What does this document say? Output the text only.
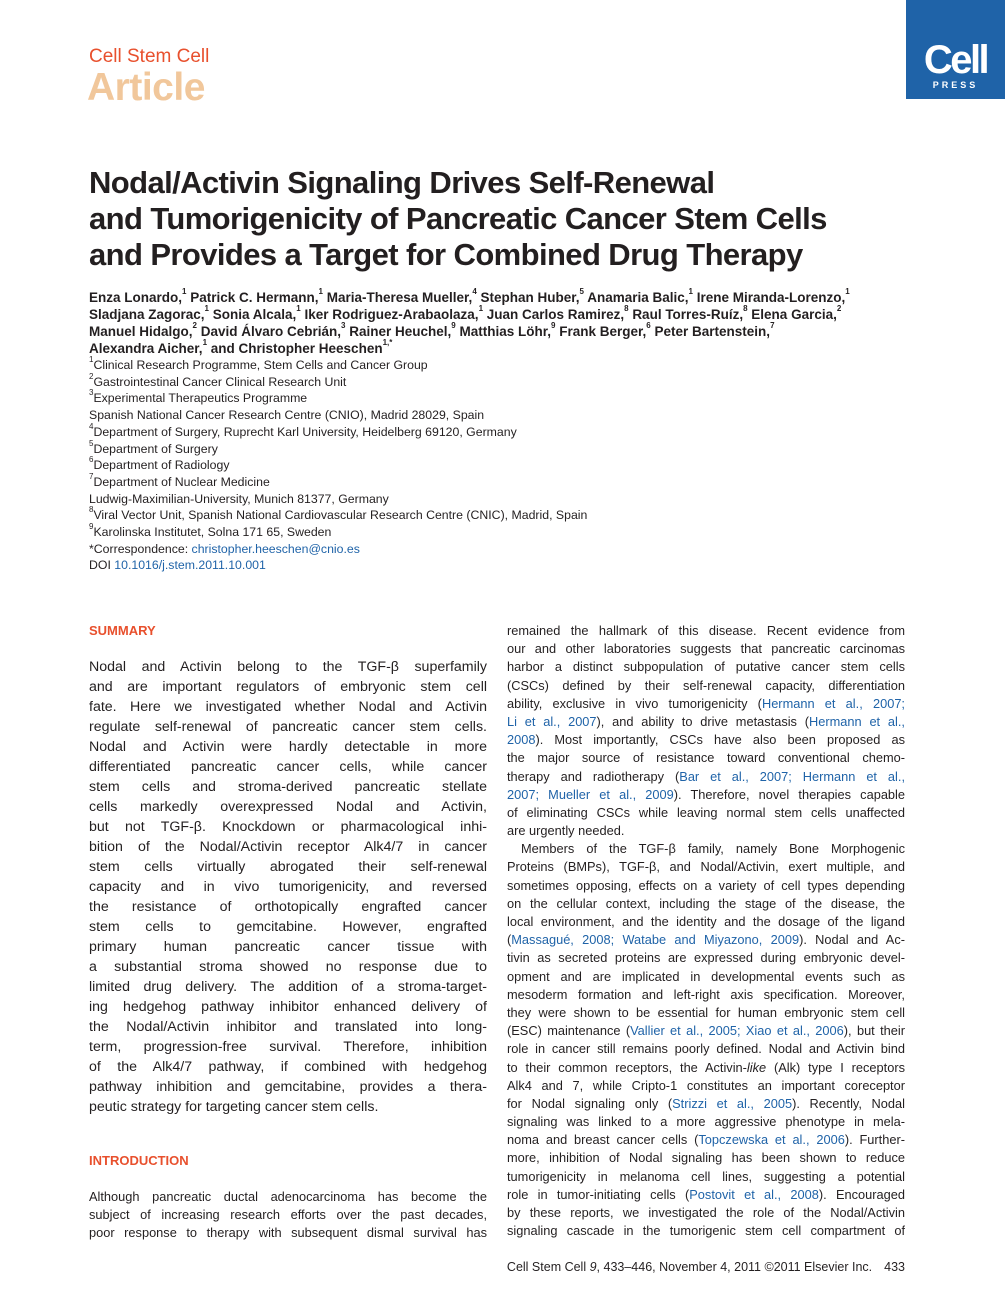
Cell Stem Cell
Article
Cell
PRESS
Nodal/Activin Signaling Drives Self-Renewal
and Tumorigenicity of Pancreatic Cancer Stem Cells
and Provides a Target for Combined Drug Therapy
Enza Lonardo,$^1$ Patrick C. Hermann,$^1$ Maria-Theresa Mueller,$^4$ Stephan Huber,$^5$ Anamaria Balic,$^1$ Irene Miranda-Lorenzo,$^1$
Sladjana Zagorac,$^1$ Sonia Alcala,$^1$ Iker Rodriguez-Arabaolaza,$^1$ Juan Carlos Ramirez,$^8$ Raul Torres-Ruíz,$^8$ Elena Garcia,$^2$
Manuel Hidalgo,$^2$ David Álvaro Cebrián,$^3$ Rainer Heuchel,$^9$ Matthias Löhr,$^9$ Frank Berger,$^6$ Peter Bartenstein,$^7$
Alexandra Aicher,$^1$ and Christopher Heeschen$^{1,*}$
$^1$Clinical Research Programme, Stem Cells and Cancer Group
$^2$Gastrointestinal Cancer Clinical Research Unit
$^3$Experimental Therapeutics Programme
Spanish National Cancer Research Centre (CNIO), Madrid 28029, Spain
$^4$Department of Surgery, Ruprecht Karl University, Heidelberg 69120, Germany
$^5$Department of Surgery
$^6$Department of Radiology
$^7$Department of Nuclear Medicine
Ludwig-Maximilian-University, Munich 81377, Germany
$^8$Viral Vector Unit, Spanish National Cardiovascular Research Centre (CNIC), Madrid, Spain
$^9$Karolinska Institutet, Solna 171 65, Sweden
*Correspondence: christopher.heeschen@cnio.es
DOI 10.1016/j.stem.2011.10.001
SUMMARY
Nodal and Activin belong to the TGF-β superfamily
and are important regulators of embryonic stem cell
fate. Here we investigated whether Nodal and Activin
regulate self-renewal of pancreatic cancer stem cells.
Nodal and Activin were hardly detectable in more
differentiated pancreatic cancer cells, while cancer
stem cells and stroma-derived pancreatic stellate
cells markedly overexpressed Nodal and Activin,
but not TGF-β. Knockdown or pharmacological inhi-
bition of the Nodal/Activin receptor Alk4/7 in cancer
stem cells virtually abrogated their self-renewal
capacity and in vivo tumorigenicity, and reversed
the resistance of orthotopically engrafted cancer
stem cells to gemcitabine. However, engrafted
primary human pancreatic cancer tissue with
a substantial stroma showed no response due to
limited drug delivery. The addition of a stroma-target-
ing hedgehog pathway inhibitor enhanced delivery of
the Nodal/Activin inhibitor and translated into long-
term, progression-free survival. Therefore, inhibition
of the Alk4/7 pathway, if combined with hedgehog
pathway inhibition and gemcitabine, provides a thera-
peutic strategy for targeting cancer stem cells.
INTRODUCTION
Although pancreatic ductal adenocarcinoma has become the
subject of increasing research efforts over the past decades,
poor response to therapy with subsequent dismal survival has
remained the hallmark of this disease. Recent evidence from
our and other laboratories suggests that pancreatic carcinomas
harbor a distinct subpopulation of putative cancer stem cells
(CSCs) defined by their self-renewal capacity, differentiation
ability, exclusive in vivo tumorigenicity (Hermann et al., 2007;
Li et al., 2007), and ability to drive metastasis (Hermann et al.,
2008). Most importantly, CSCs have also been proposed as
the major source of resistance toward conventional chemo-
therapy and radiotherapy (Bar et al., 2007; Hermann et al.,
2007; Mueller et al., 2009). Therefore, novel therapies capable
of eliminating CSCs while leaving normal stem cells unaffected
are urgently needed.
Members of the TGF-β family, namely Bone Morphogenic
Proteins (BMPs), TGF-β, and Nodal/Activin, exert multiple, and
sometimes opposing, effects on a variety of cell types depending
on the cellular context, including the stage of the disease, the
local environment, and the identity and the dosage of the ligand
(Massagué, 2008; Watabe and Miyazono, 2009). Nodal and Ac-
tivin as secreted proteins are expressed during embryonic devel-
opment and are implicated in developmental events such as
mesoderm formation and left-right axis specification. Moreover,
they were shown to be essential for human embryonic stem cell
(ESC) maintenance (Vallier et al., 2005; Xiao et al., 2006), but their
role in cancer still remains poorly defined. Nodal and Activin bind
to their common receptors, the Activin-like (Alk) type I receptors
Alk4 and 7, while Cripto-1 constitutes an important coreceptor
for Nodal signaling only (Strizzi et al., 2005). Recently, Nodal
signaling was linked to a more aggressive phenotype in mela-
noma and breast cancer cells (Topczewska et al., 2006). Further-
more, inhibition of Nodal signaling has been shown to reduce
tumorigenicity in melanoma cell lines, suggesting a potential
role in tumor-initiating cells (Postovit et al., 2008). Encouraged
by these reports, we investigated the role of the Nodal/Activin
signaling cascade in the tumorigenic stem cell compartment of
Cell Stem Cell 9, 433–446, November 4, 2011 ©2011 Elsevier Inc. 433
